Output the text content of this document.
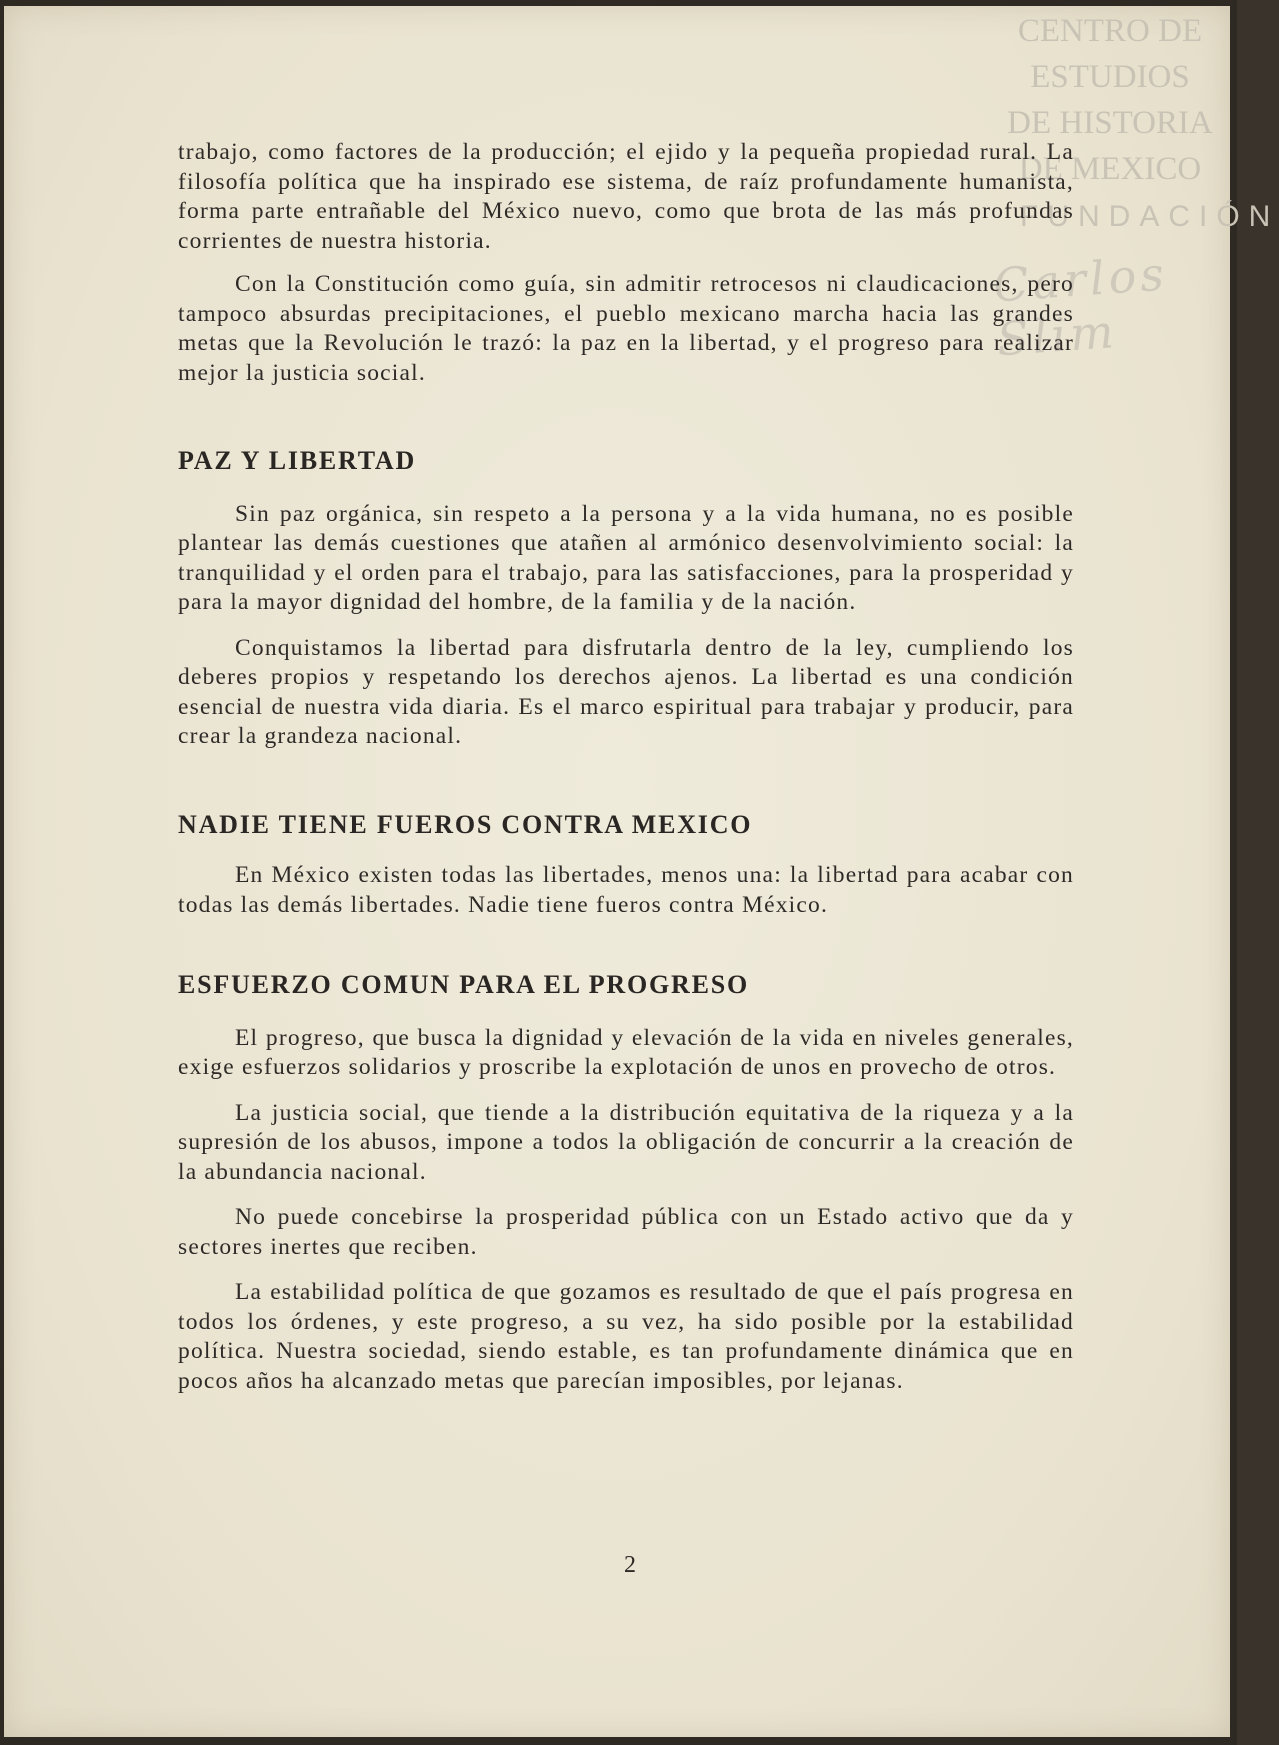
CENTRO DE
ESTUDIOS
DE HISTORIA
DE MEXICO
FUNDACIÓN
Carlos Slim

trabajo, como factores de la producción; el ejido y la pequeña propiedad rural. La filosofía política que ha inspirado ese sistema, de raíz profundamente humanista, forma parte entrañable del México nuevo, como que brota de las más profundas corrientes de nuestra historia.

Con la Constitución como guía, sin admitir retrocesos ni claudicaciones, pero tampoco absurdas precipitaciones, el pueblo mexicano marcha hacia las grandes metas que la Revolución le trazó: la paz en la libertad, y el progreso para realizar mejor la justicia social.

PAZ Y LIBERTAD

Sin paz orgánica, sin respeto a la persona y a la vida humana, no es posible plantear las demás cuestiones que atañen al armónico desenvolvimiento social: la tranquilidad y el orden para el trabajo, para las satisfacciones, para la prosperidad y para la mayor dignidad del hombre, de la familia y de la nación.

Conquistamos la libertad para disfrutarla dentro de la ley, cumpliendo los deberes propios y respetando los derechos ajenos. La libertad es una condición esencial de nuestra vida diaria. Es el marco espiritual para trabajar y producir, para crear la grandeza nacional.

NADIE TIENE FUEROS CONTRA MEXICO

En México existen todas las libertades, menos una: la libertad para acabar con todas las demás libertades. Nadie tiene fueros contra México.

ESFUERZO COMUN PARA EL PROGRESO

El progreso, que busca la dignidad y elevación de la vida en niveles generales, exige esfuerzos solidarios y proscribe la explotación de unos en provecho de otros.

La justicia social, que tiende a la distribución equitativa de la riqueza y a la supresión de los abusos, impone a todos la obligación de concurrir a la creación de la abundancia nacional.

No puede concebirse la prosperidad pública con un Estado activo que da y sectores inertes que reciben.

La estabilidad política de que gozamos es resultado de que el país progresa en todos los órdenes, y este progreso, a su vez, ha sido posible por la estabilidad política. Nuestra sociedad, siendo estable, es tan profundamente dinámica que en pocos años ha alcanzado metas que parecían imposibles, por lejanas.

2
